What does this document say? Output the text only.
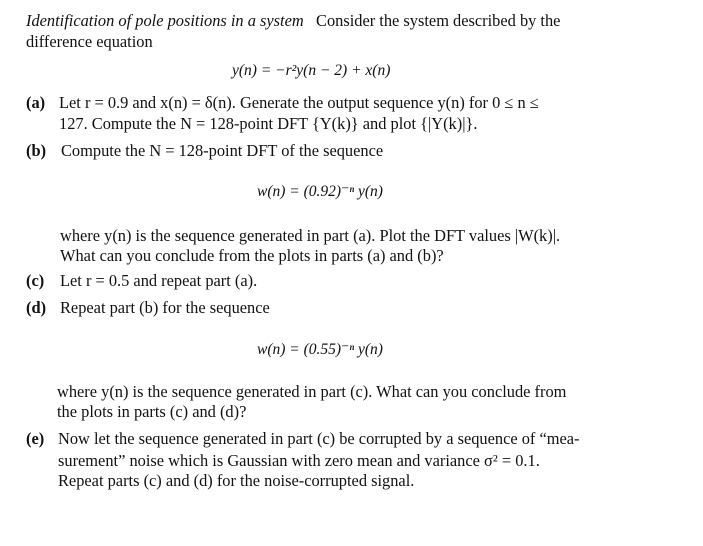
Identification of pole positions in a system Consider the system described by the
difference equation
y(n) = −r²y(n − 2) + x(n)
(a) Let r = 0.9 and x(n) = δ(n). Generate the output sequence y(n) for 0 ≤ n ≤
127. Compute the N = 128-point DFT {Y(k)} and plot {|Y(k)|}.
(b) Compute the N = 128-point DFT of the sequence
w(n) = (0.92)⁻ⁿ y(n)
where y(n) is the sequence generated in part (a). Plot the DFT values |W(k)|.
What can you conclude from the plots in parts (a) and (b)?
(c) Let r = 0.5 and repeat part (a).
(d) Repeat part (b) for the sequence
w(n) = (0.55)⁻ⁿ y(n)
where y(n) is the sequence generated in part (c). What can you conclude from
the plots in parts (c) and (d)?
(e) Now let the sequence generated in part (c) be corrupted by a sequence of “mea-
surement” noise which is Gaussian with zero mean and variance σ² = 0.1.
Repeat parts (c) and (d) for the noise-corrupted signal.
